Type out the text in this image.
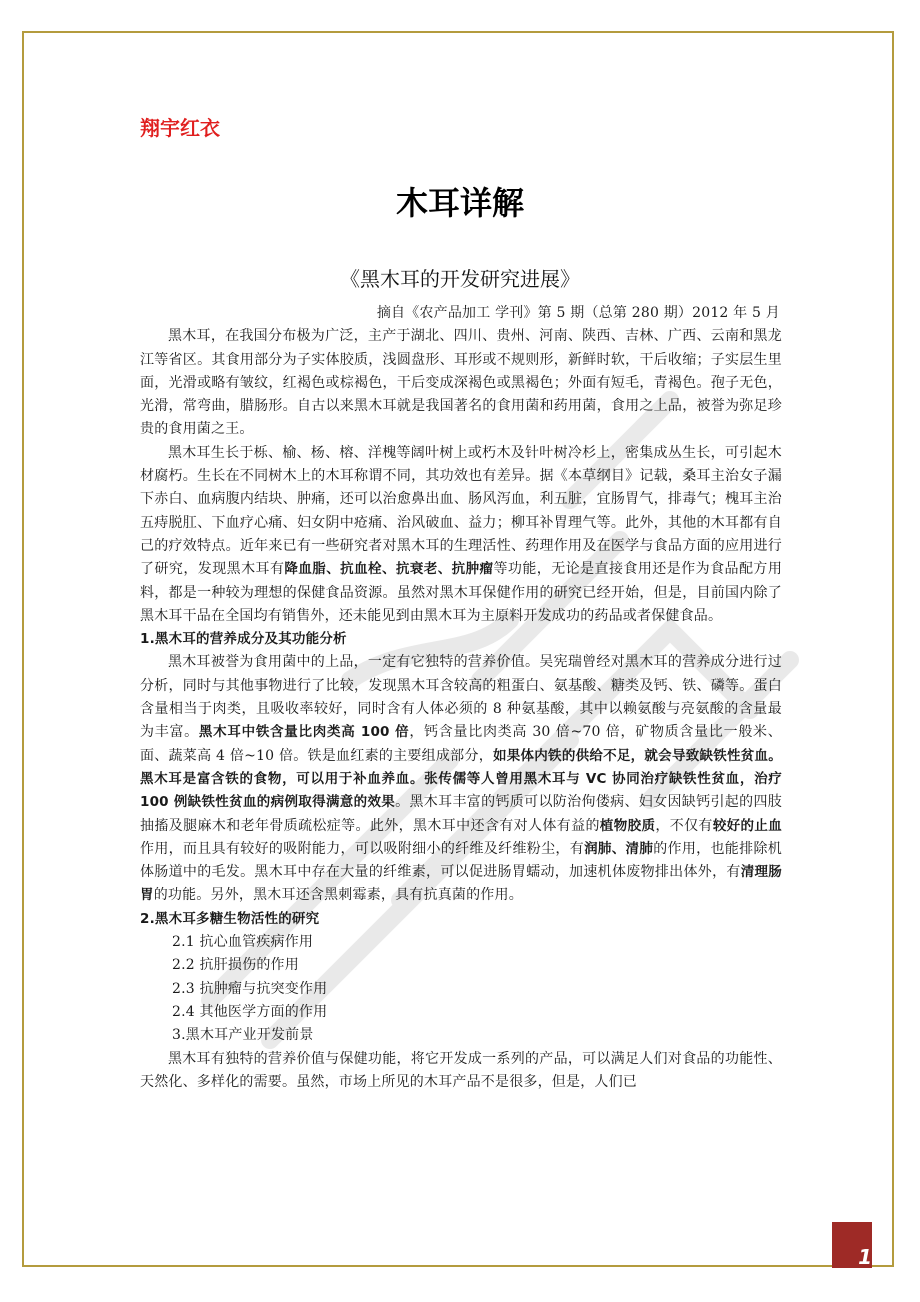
翔宇红衣
木耳详解
《黑木耳的开发研究进展》

摘自《农产品加工 学刊》第 5 期（总第 280 期）2012 年 5 月

黑木耳，在我国分布极为广泛，主产于湖北、四川、贵州、河南、陕西、吉林、广西、云南和黑龙江等省区。其食用部分为子实体胶质，浅圆盘形、耳形或不规则形，新鲜时软，干后收缩；子实层生里面，光滑或略有皱纹，红褐色或棕褐色，干后变成深褐色或黑褐色；外面有短毛，青褐色。孢子无色，光滑，常弯曲，腊肠形。自古以来黑木耳就是我国著名的食用菌和药用菌，食用之上品，被誉为弥足珍贵的食用菌之王。

黑木耳生长于栎、榆、杨、榕、洋槐等阔叶树上或朽木及针叶树冷杉上，密集成丛生长，可引起木材腐朽。生长在不同树木上的木耳称谓不同，其功效也有差异。据《本草纲目》记载，桑耳主治女子漏下赤白、血病腹内结块、肿痛，还可以治愈鼻出血、肠风泻血，利五脏，宜肠胃气，排毒气；槐耳主治五痔脱肛、下血疗心痛、妇女阴中疮痛、治风破血、益力；柳耳补胃理气等。此外，其他的木耳都有自己的疗效特点。近年来已有一些研究者对黑木耳的生理活性、药理作用及在医学与食品方面的应用进行了研究，发现黑木耳有降血脂、抗血栓、抗衰老、抗肿瘤等功能，无论是直接食用还是作为食品配方用料，都是一种较为理想的保健食品资源。虽然对黑木耳保健作用的研究已经开始，但是，目前国内除了黑木耳干品在全国均有销售外，还未能见到由黑木耳为主原料开发成功的药品或者保健食品。

1.黑木耳的营养成分及其功能分析

黑木耳被誉为食用菌中的上品，一定有它独特的营养价值。吴宪瑞曾经对黑木耳的营养成分进行过分析，同时与其他事物进行了比较，发现黑木耳含较高的粗蛋白、氨基酸、糖类及钙、铁、磷等。蛋白含量相当于肉类，且吸收率较好，同时含有人体必须的 8 种氨基酸，其中以赖氨酸与亮氨酸的含量最为丰富。黑木耳中铁含量比肉类高 100 倍，钙含量比肉类高 30 倍~70 倍，矿物质含量比一般米、面、蔬菜高 4 倍~10 倍。铁是血红素的主要组成部分，如果体内铁的供给不足，就会导致缺铁性贫血。黑木耳是富含铁的食物，可以用于补血养血。张传儒等人曾用黑木耳与 VC 协同治疗缺铁性贫血，治疗 100 例缺铁性贫血的病例取得满意的效果。黑木耳丰富的钙质可以防治佝偻病、妇女因缺钙引起的四肢抽搐及腿麻木和老年骨质疏松症等。此外，黑木耳中还含有对人体有益的植物胶质，不仅有较好的止血作用，而且具有较好的吸附能力，可以吸附细小的纤维及纤维粉尘，有润肺、清肺的作用，也能排除机体肠道中的毛发。黑木耳中存在大量的纤维素，可以促进肠胃蠕动，加速机体废物排出体外，有清理肠胃的功能。另外，黑木耳还含黑刺霉素，具有抗真菌的作用。

2.黑木耳多糖生物活性的研究

2.1 抗心血管疾病作用

2.2 抗肝损伤的作用

2.3 抗肿瘤与抗突变作用

2.4 其他医学方面的作用

3.黑木耳产业开发前景

黑木耳有独特的营养价值与保健功能，将它开发成一系列的产品，可以满足人们对食品的功能性、天然化、多样化的需要。虽然，市场上所见的木耳产品不是很多，但是，人们已

1
